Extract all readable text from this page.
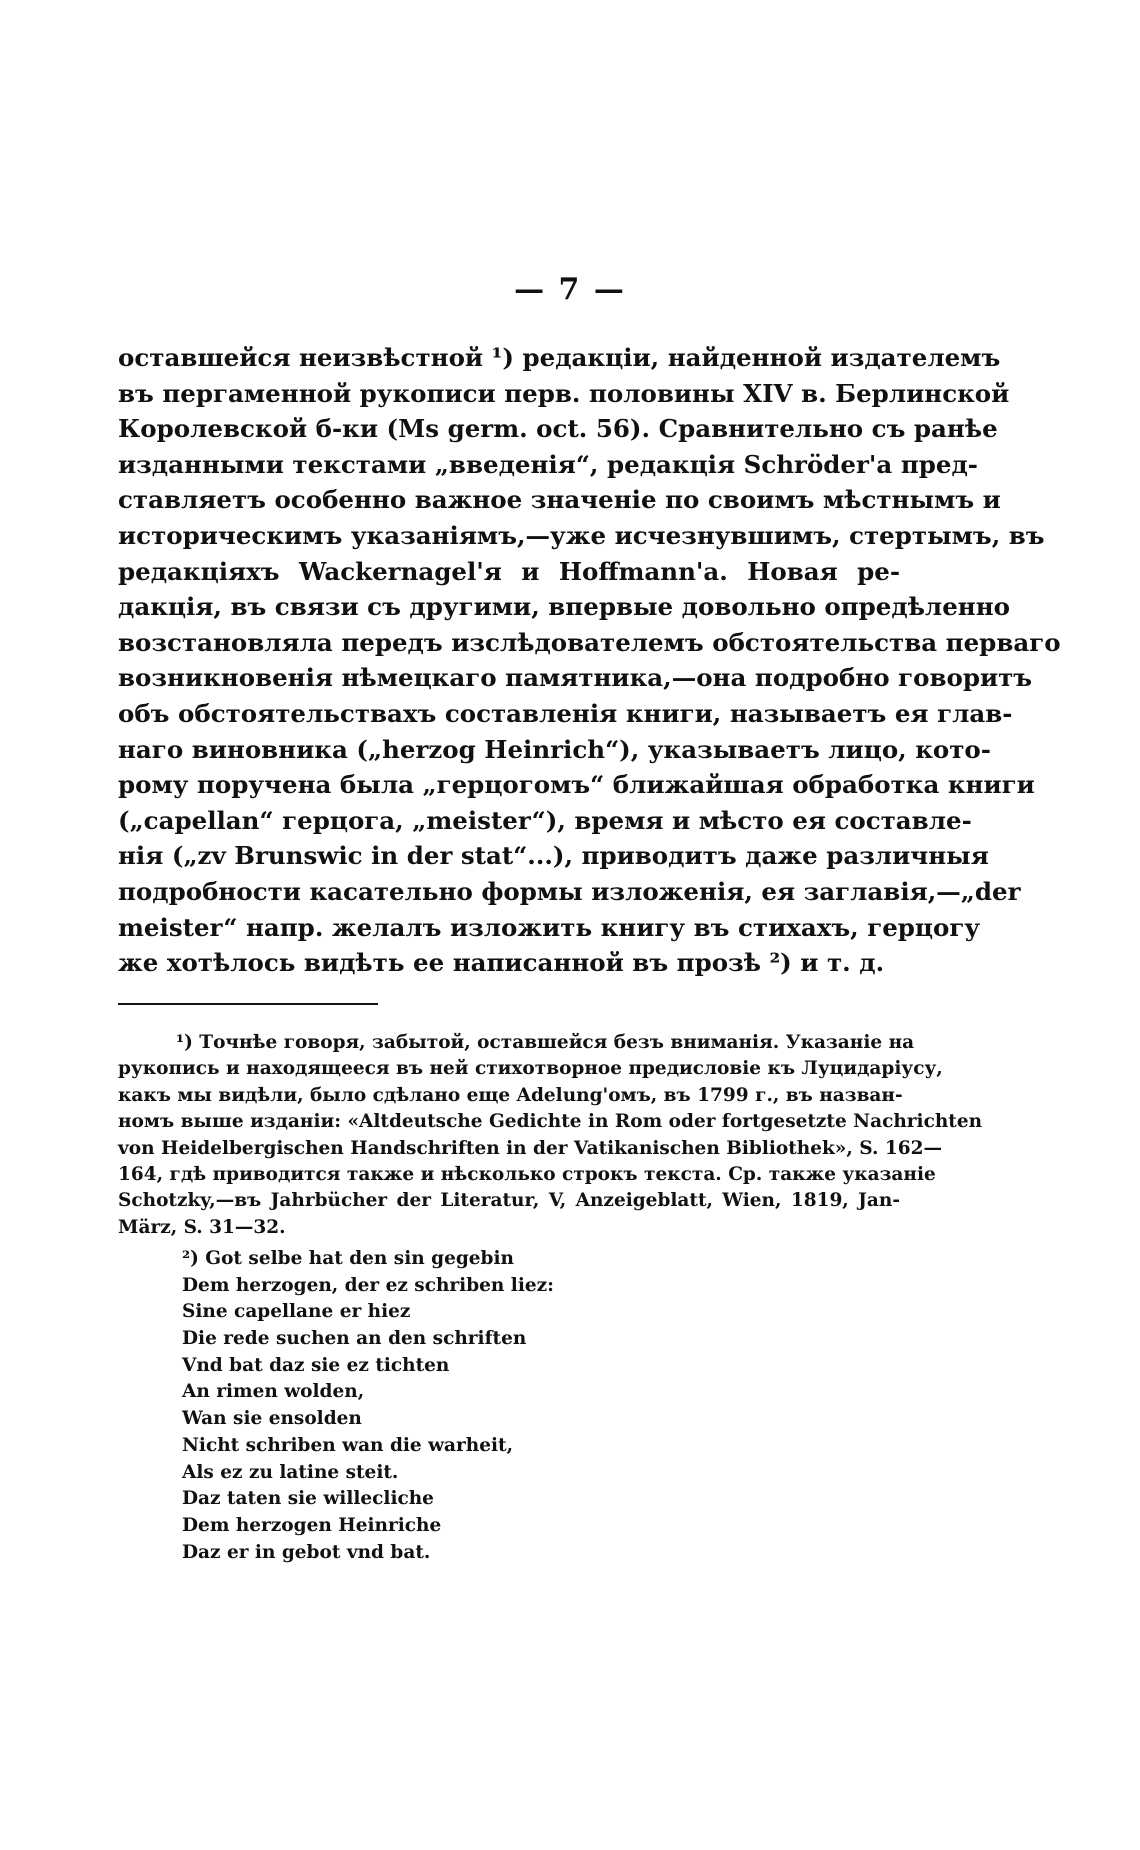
— 7 —
оставшейся неизвѣстной ¹) редакціи, найденной издателемъ
въ пергаменной рукописи перв. половины XIV в. Берлинской
Королевской б-ки (Ms germ. oct. 56). Сравнительно съ ранѣе
изданными текстами „введенія“, редакція Schröder'а пред-
ставляетъ особенно важное значеніе по своимъ мѣстнымъ и
историческимъ указаніямъ,—уже исчезнувшимъ, стертымъ, въ
редакціяхъ Wackernagel'я и Hoffmann'а. Новая ре-
дакція, въ связи съ другими, впервые довольно опредѣленно
возстановляла передъ изслѣдователемъ обстоятельства перваго
возникновенія нѣмецкаго памятника,—она подробно говоритъ
объ обстоятельствахъ составленія книги, называетъ ея глав-
наго виновника („herzog Heinrich“), указываетъ лицо, кото-
рому поручена была „герцогомъ“ ближайшая обработка книги
(„capellan“ герцога, „meister“), время и мѣсто ея составле-
нія („zv Brunswic in der stat“...), приводитъ даже различныя
подробности касательно формы изложенія, ея заглавія,—„der
meister“ напр. желалъ изложить книгу въ стихахъ, герцогу
же хотѣлось видѣть ее написанной въ прозѣ ²) и т. д.
¹) Точнѣе говоря, забытой, оставшейся безъ вниманія. Указаніе на
рукопись и находящееся въ ней стихотворное предисловіе къ Луцидаріусу,
какъ мы видѣли, было сдѣлано еще Adelung'омъ, въ 1799 г., въ назван-
номъ выше изданіи: «Altdeutsche Gedichte in Rom oder fortgesetzte Nachrichten
von Heidelbergischen Handschriften in der Vatikanischen Bibliothek», S. 162—
164, гдѣ приводится также и нѣсколько строкъ текста. Ср. также указаніе
Schotzky,—въ Jahrbücher der Literatur, V, Anzeigeblatt, Wien, 1819, Jan-
März, S. 31—32.
²) Got selbe hat den sin gegebin
Dem herzogen, der ez schriben liez:
Sine capellane er hiez
Die rede suchen an den schriften
Vnd bat daz sie ez tichten
An rimen wolden,
Wan sie ensolden
Nicht schriben wan die warheit,
Als ez zu latine steit.
Daz taten sie willecliche
Dem herzogen Heinriche
Daz er in gebot vnd bat.
